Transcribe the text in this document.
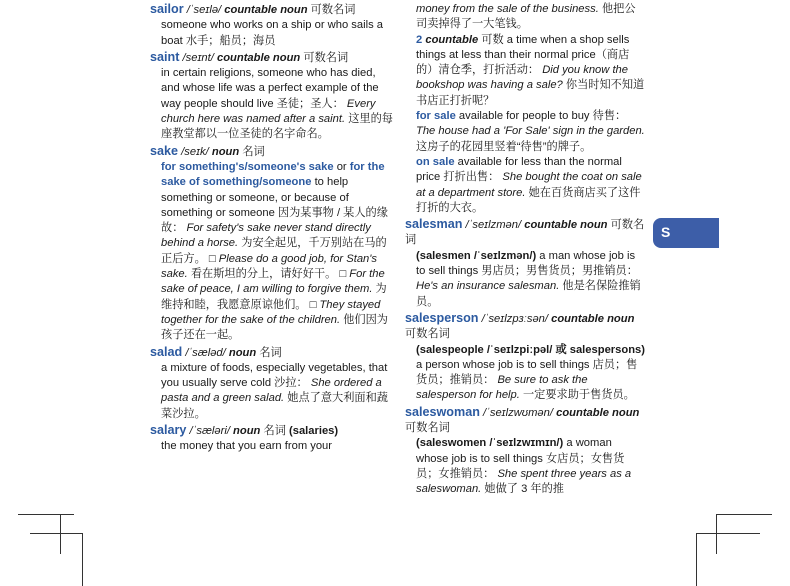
sailor /ˈseɪlə/ countable noun 可数名词
someone who works on a ship or who sails a boat 水手；船员；海员
saint /seɪnt/ countable noun 可数名词
in certain religions, someone who has died, and whose life was a perfect example of the way people should live 圣徒；圣人： Every church here was named after a saint. 这里的每座教堂都以一位圣徒的名字命名。
sake /seɪk/ noun 名词
for something's/someone's sake or for the sake of something/someone to help something or someone, or because of something or someone 因为某事物 / 某人的缘故： For safety's sake never stand directly behind a horse. 为安全起见，千万别站在马的正后方。 □ Please do a good job, for Stan's sake. 看在斯坦的分上，请好好干。 □ For the sake of peace, I am willing to forgive them. 为维持和睦，我愿意原谅他们。 □ They stayed together for the sake of the children. 他们因为孩子还在一起。
salad /ˈsæləd/ noun 名词
a mixture of foods, especially vegetables, that you usually serve cold 沙拉： She ordered a pasta and a green salad. 她点了意大利面和蔬菜沙拉。
salary /ˈsæləri/ noun 名词 (salaries)
the money that you earn from your
money from the sale of the business. 他把公司卖掉得了一大笔钱。
2 countable 可数 a time when a shop sells things at less than their normal price（商店的）清仓季，打折活动： Did you know the bookshop was having a sale? 你当时知不知道书店正打折呢？
for sale available for people to buy 待售： The house had a 'For Sale' sign in the garden. 这房子的花园里竖着“待售”的牌子。
on sale available for less than the normal price 打折出售： She bought the coat on sale at a department store. 她在百货商店买了这件打折的大衣。
salesman /ˈseɪlzmən/ countable noun 可数名词
(salesmen /ˈseɪlzmən/) a man whose job is to sell things 男店员；男售货员；男推销员： He's an insurance salesman. 他是名保险推销员。
salesperson /ˈseɪlzpɜːsən/ countable noun 可数名词
(salespeople /ˈseɪlzpiːpəl/ 或 salespersons) a person whose job is to sell things 店员；售货员；推销员： Be sure to ask the salesperson for help. 一定要求助于售货员。
saleswoman /ˈseɪlzwʊmən/ countable noun 可数名词
(saleswomen /ˈseɪlzwɪmɪn/) a woman whose job is to sell things 女店员；女售货员；女推销员： She spent three years as a saleswoman. 她做了 3 年的推
S
